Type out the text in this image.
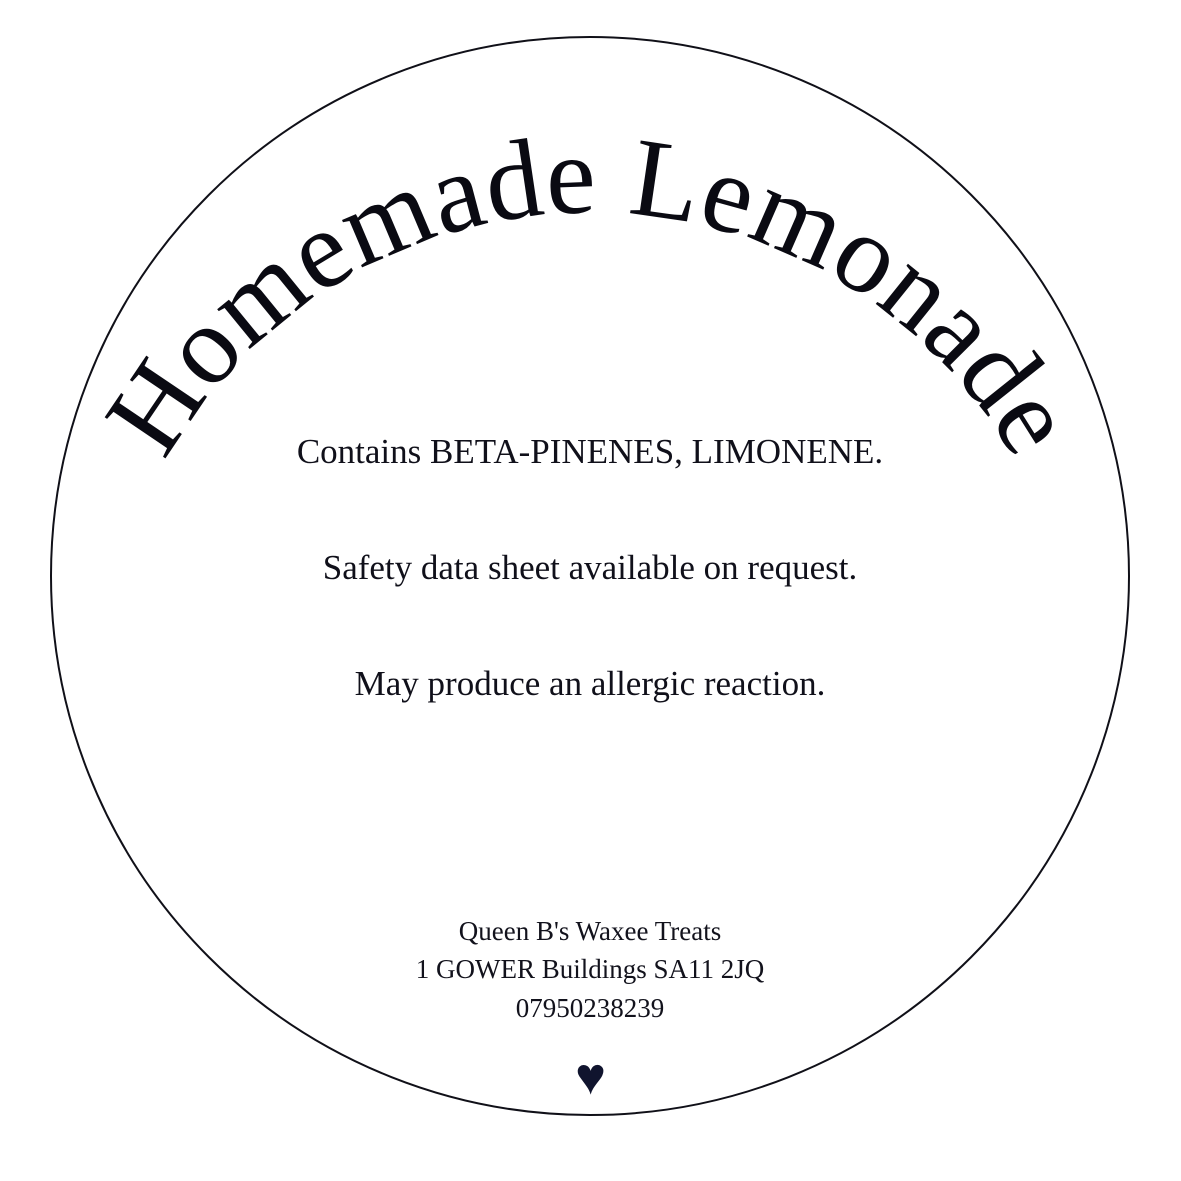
Homemade Lemonade
Contains BETA-PINENES, LIMONENE.
Safety data sheet available on request.
May produce an allergic reaction.
Queen B's Waxee Treats
1 GOWER Buildings SA11 2JQ
07950238239
♥
